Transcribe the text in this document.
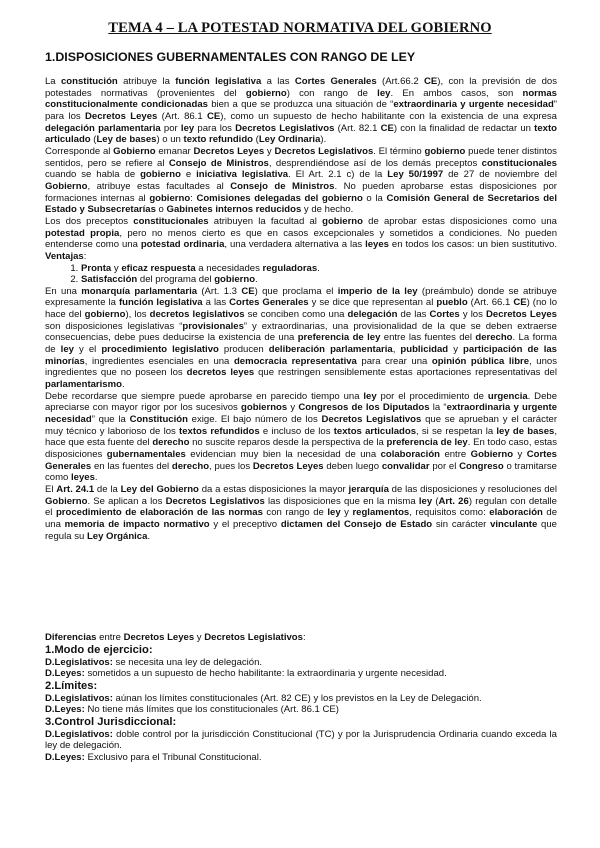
TEMA 4 – LA POTESTAD NORMATIVA DEL GOBIERNO
1.DISPOSICIONES GUBERNAMENTALES CON RANGO DE LEY

La constitución atribuye la función legislativa a las Cortes Generales (Art.66.2 CE), con la previsión de dos potestades normativas (provenientes del gobierno) con rango de ley. En ambos casos, son normas constitucionalmente condicionadas bien a que se produzca una situación de “extraordinaria y urgente necesidad” para los Decretos Leyes (Art. 86.1 CE), como un supuesto de hecho habilitante con la existencia de una expresa delegación parlamentaria por ley para los Decretos Legislativos (Art. 82.1 CE) con la finalidad de redactar un texto articulado (Ley de bases) o un texto refundido (Ley Ordinaria).

Corresponde al Gobierno emanar Decretos Leyes y Decretos Legislativos. El término gobierno puede tener distintos sentidos, pero se refiere al Consejo de Ministros, desprendiéndose así de los demás preceptos constitucionales cuando se habla de gobierno e iniciativa legislativa. El Art. 2.1 c) de la Ley 50/1997 de 27 de noviembre del Gobierno, atribuye estas facultades al Consejo de Ministros. No pueden aprobarse estas disposiciones por formaciones internas al gobierno: Comisiones delegadas del gobierno o la Comisión General de Secretarios del Estado y Subsecretarías o Gabinetes internos reducidos y de hecho.

Los dos preceptos constitucionales atribuyen la facultad al gobierno de aprobar estas disposiciones como una potestad propia, pero no menos cierto es que en casos excepcionales y sometidos a condiciones. No pueden entenderse como una potestad ordinaria, una verdadera alternativa a las leyes en todos los casos: un bien sustitutivo. Ventajas:

1. Pronta y eficaz respuesta a necesidades reguladoras.
2. Satisfacción del programa del gobierno.

En una monarquía parlamentaria (Art. 1.3 CE) que proclama el imperio de la ley (preámbulo) donde se atribuye expresamente la función legislativa a las Cortes Generales y se dice que representan al pueblo (Art. 66.1 CE) (no lo hace del gobierno), los decretos legislativos se conciben como una delegación de las Cortes y los Decretos Leyes son disposiciones legislativas “provisionales” y extraordinarias, una provisionalidad de la que se deben extraerse consecuencias, debe pues deducirse la existencia de una preferencia de ley entre las fuentes del derecho. La forma de ley y el procedimiento legislativo producen deliberación parlamentaria, publicidad y participación de las minorías, ingredientes esenciales en una democracia representativa para crear una opinión pública libre, unos ingredientes que no poseen los decretos leyes que restringen sensiblemente estas aportaciones representativas del parlamentarismo.

Debe recordarse que siempre puede aprobarse en parecido tiempo una ley por el procedimiento de urgencia. Debe apreciarse con mayor rigor por los sucesivos gobiernos y Congresos de los Diputados la “extraordinaria y urgente necesidad” que la Constitución exige. El bajo número de los Decretos Legislativos que se aprueban y el carácter muy técnico y laborioso de los textos refundidos e incluso de los textos articulados, si se respetan la ley de bases, hace que esta fuente del derecho no suscite reparos desde la perspectiva de la preferencia de ley. En todo caso, estas disposiciones gubernamentales evidencian muy bien la necesidad de una colaboración entre Gobierno y Cortes Generales en las fuentes del derecho, pues los Decretos Leyes deben luego convalidar por el Congreso o tramitarse como leyes.

El Art. 24.1 de la Ley del Gobierno da a estas disposiciones la mayor jerarquía de las disposiciones y resoluciones del Gobierno. Se aplican a los Decretos Legislativos las disposiciones que en la misma ley (Art. 26) regulan con detalle el procedimiento de elaboración de las normas con rango de ley y reglamentos, requisitos como: elaboración de una memoria de impacto normativo y el preceptivo dictamen del Consejo de Estado sin carácter vinculante que regula su Ley Orgánica.

Diferencias entre Decretos Leyes y Decretos Legislativos:

1.Modo de ejercicio:

D.Legislativos: se necesita una ley de delegación.

D.Leyes: sometidos a un supuesto de hecho habilitante: la extraordinaria y urgente necesidad.

2.Límites:

D.Legislativos: aúnan los límites constitucionales (Art. 82 CE) y los previstos en la Ley de Delegación.

D.Leyes: No tiene más límites que los constitucionales (Art. 86.1 CE)

3.Control Jurisdiccional:

D.Legislativos: doble control por la jurisdicción Constitucional (TC) y por la Jurisprudencia Ordinaria cuando exceda la ley de delegación.

D.Leyes: Exclusivo para el Tribunal Constitucional.
